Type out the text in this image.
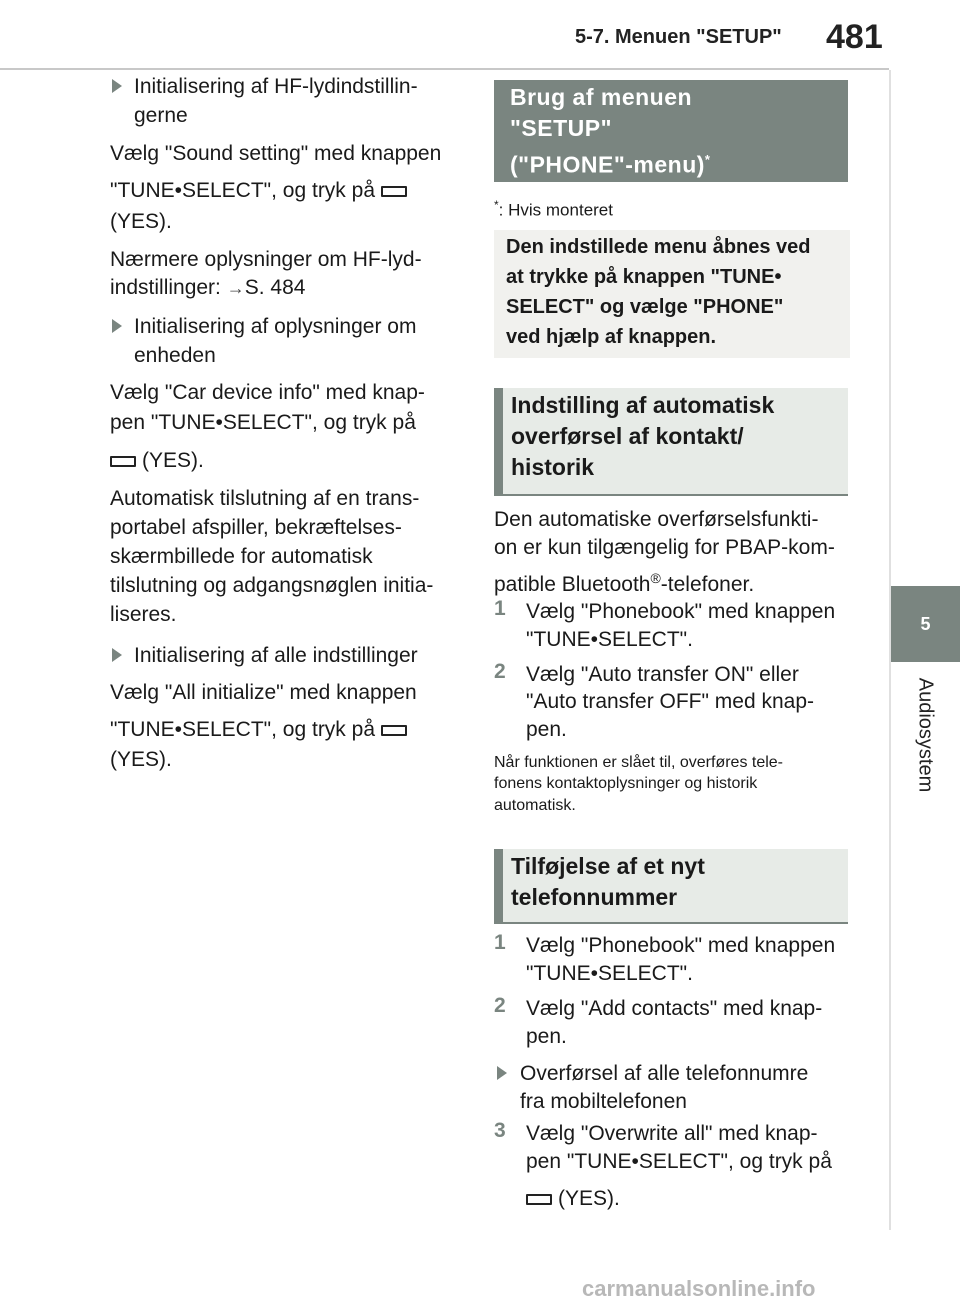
5-7. Menuen "SETUP" 481
5
Audiosystem
Initialisering af HF-lydindstillin-
gerne
Vælg "Sound setting" med knappen
"TUNE•SELECT", og tryk på
(YES).
Nærmere oplysninger om HF-lyd-
indstillinger: →S. 484
Initialisering af oplysninger om
enheden
Vælg "Car device info" med knap-
pen "TUNE•SELECT", og tryk på
(YES).
Automatisk tilslutning af en trans-
portabel afspiller, bekræftelses-
skærmbillede for automatisk
tilslutning og adgangsnøglen initia-
liseres.
Initialisering af alle indstillinger
Vælg "All initialize" med knappen
"TUNE•SELECT", og tryk på
(YES).
Brug af menuen
"SETUP"
("PHONE"-menu)*
*: Hvis monteret
Den indstillede menu åbnes ved
at trykke på knappen "TUNE•
SELECT" og vælge "PHONE"
ved hjælp af knappen.
Indstilling af automatisk
overførsel af kontakt/
historik
Den automatiske overførselsfunkti-
on er kun tilgængelig for PBAP-kom-
patible Bluetooth®-telefoner.
1 Vælg "Phonebook" med knappen
"TUNE•SELECT".
2 Vælg "Auto transfer ON" eller
"Auto transfer OFF" med knap-
pen.
Når funktionen er slået til, overføres tele-
fonens kontaktoplysninger og historik
automatisk.
Tilføjelse af et nyt
telefonnummer
1 Vælg "Phonebook" med knappen
"TUNE•SELECT".
2 Vælg "Add contacts" med knap-
pen.
Overførsel af alle telefonnumre
fra mobiltelefonen
3 Vælg "Overwrite all" med knap-
pen "TUNE•SELECT", og tryk på
(YES).
carmanualsonline.info
